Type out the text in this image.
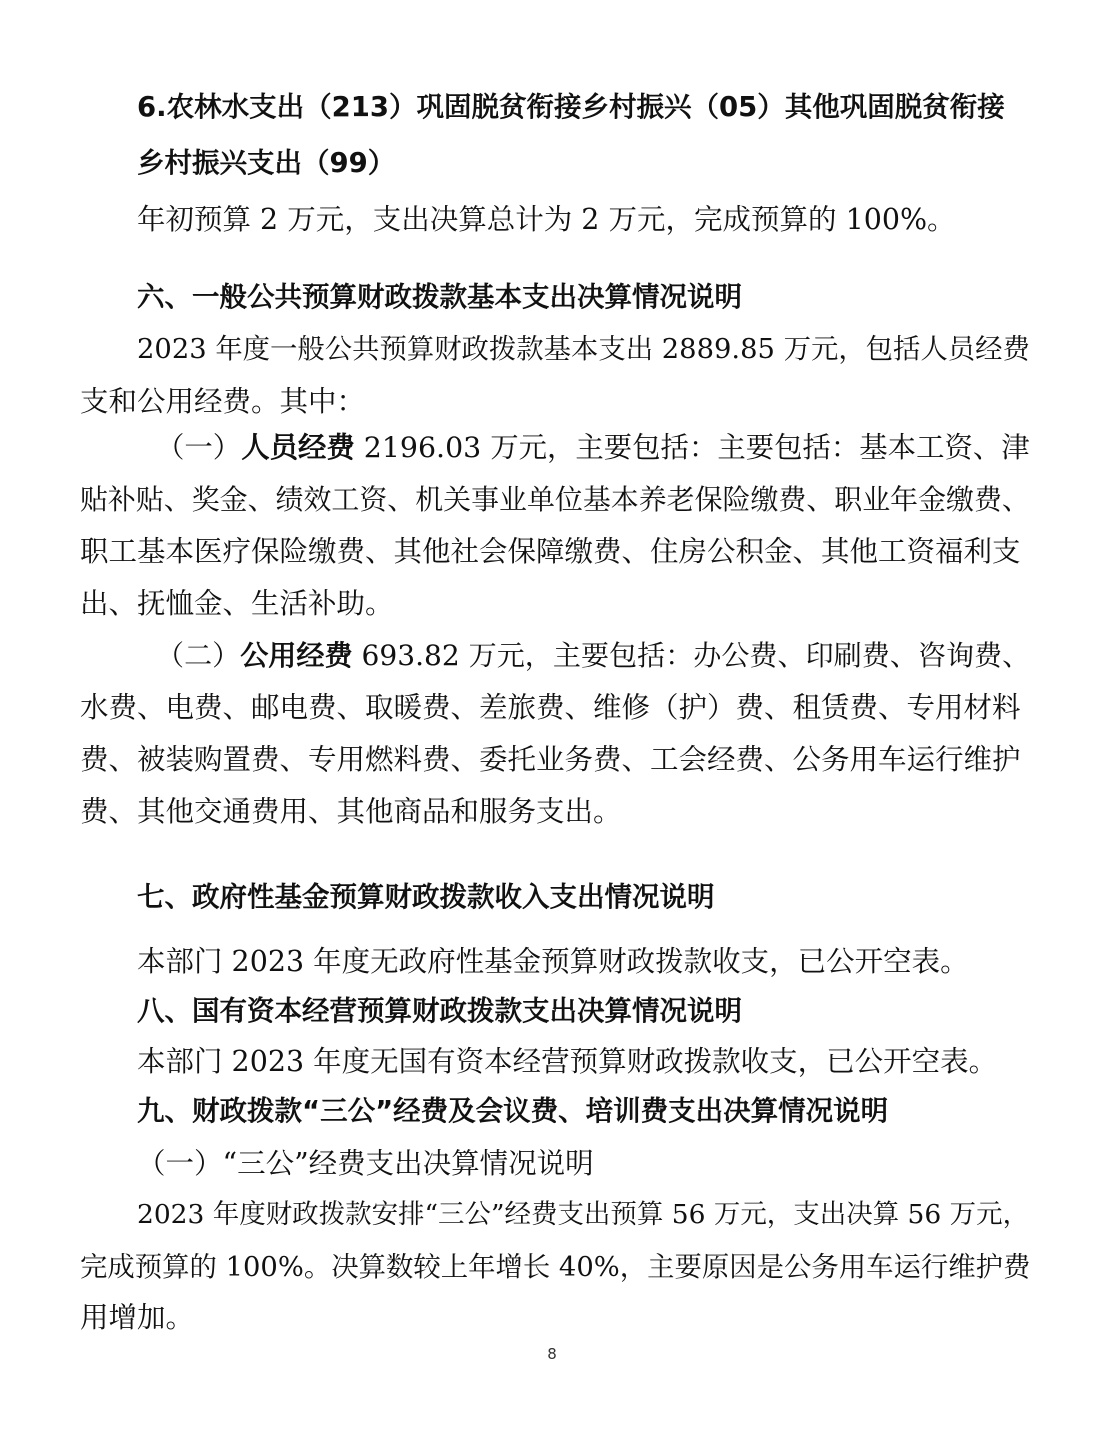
6.农林水支出（213）巩固脱贫衔接乡村振兴（05）其他巩固脱贫衔接
乡村振兴支出（99）
年初预算 2 万元，支出决算总计为 2 万元，完成预算的 100%。
六、一般公共预算财政拨款基本支出决算情况说明
2023 年度一般公共预算财政拨款基本支出 2889.85 万元，包括人员经费
支和公用经费。其中：
（一）人员经费 2196.03 万元，主要包括：主要包括：基本工资、津
贴补贴、奖金、绩效工资、机关事业单位基本养老保险缴费、职业年金缴费、
职工基本医疗保险缴费、其他社会保障缴费、住房公积金、其他工资福利支
出、抚恤金、生活补助。
（二）公用经费 693.82 万元，主要包括：办公费、印刷费、咨询费、
水费、电费、邮电费、取暖费、差旅费、维修（护）费、租赁费、专用材料
费、被装购置费、专用燃料费、委托业务费、工会经费、公务用车运行维护
费、其他交通费用、其他商品和服务支出。
七、政府性基金预算财政拨款收入支出情况说明
本部门 2023 年度无政府性基金预算财政拨款收支，已公开空表。
八、国有资本经营预算财政拨款支出决算情况说明
本部门 2023 年度无国有资本经营预算财政拨款收支，已公开空表。
九、财政拨款“三公”经费及会议费、培训费支出决算情况说明
（一）“三公”经费支出决算情况说明
2023 年度财政拨款安排“三公”经费支出预算 56 万元，支出决算 56 万元，
完成预算的 100%。决算数较上年增长 40%，主要原因是公务用车运行维护费
用增加。
8
